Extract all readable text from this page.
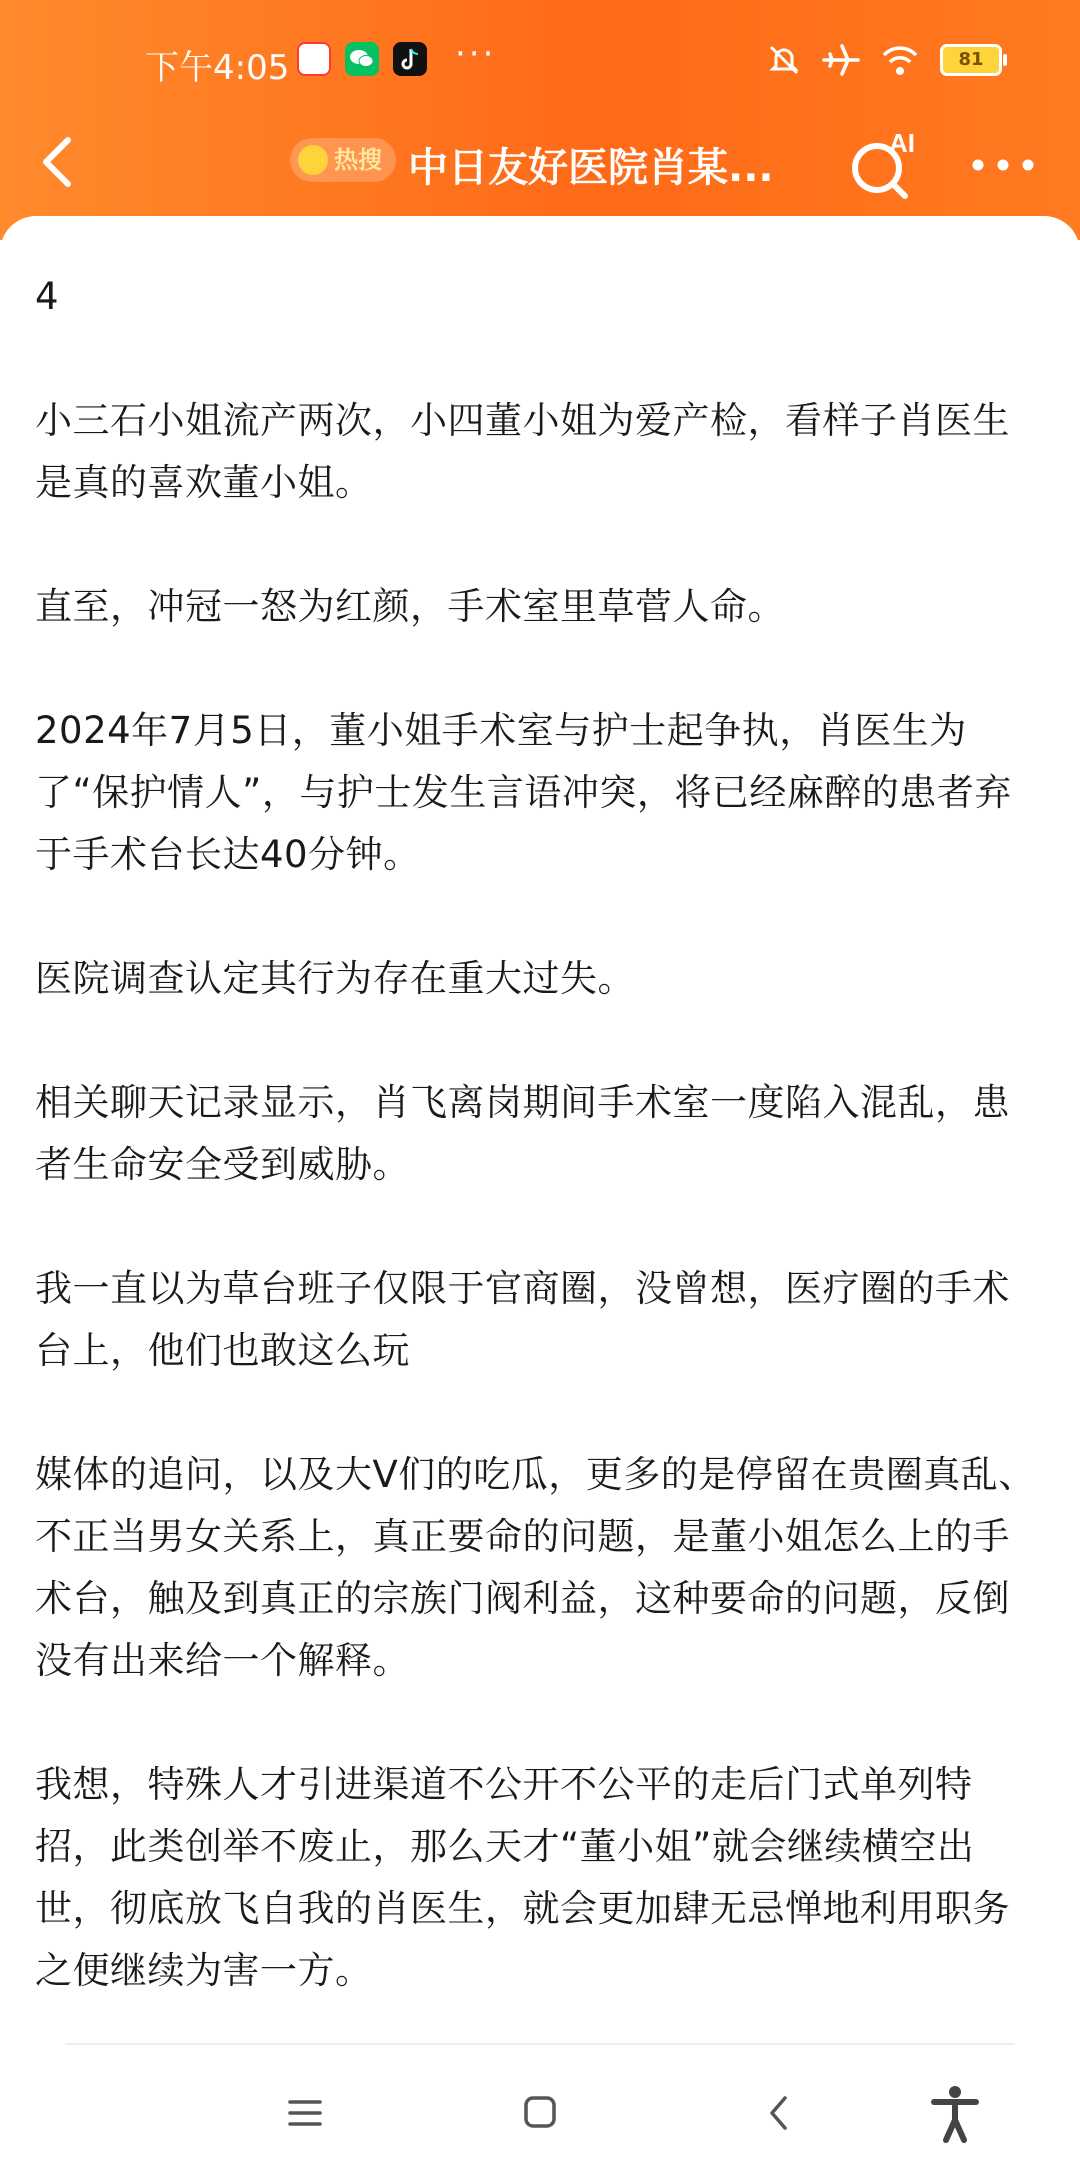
下午4:05	···	81
热搜 中日友好医院肖某...
AI

4

小三石小姐流产两次，小四董小姐为爱产检，看样子肖医生是真的喜欢董小姐。

直至，冲冠一怒为红颜，手术室里草菅人命。

2024年7月5日，董小姐手术室与护士起争执，肖医生为了“保护情人”，与护士发生言语冲突，将已经麻醉的患者弃于手术台长达40分钟。

医院调查认定其行为存在重大过失。

相关聊天记录显示，肖飞离岗期间手术室一度陷入混乱，患者生命安全受到威胁。

我一直以为草台班子仅限于官商圈，没曾想，医疗圈的手术台上，他们也敢这么玩

媒体的追问，以及大V们的吃瓜，更多的是停留在贵圈真乱、不正当男女关系上，真正要命的问题，是董小姐怎么上的手术台，触及到真正的宗族门阀利益，这种要命的问题，反倒没有出来给一个解释。

我想，特殊人才引进渠道不公开不公平的走后门式单列特招，此类创举不废止，那么天才“董小姐”就会继续横空出世，彻底放飞自我的肖医生，就会更加肆无忌惮地利用职务之便继续为害一方。
